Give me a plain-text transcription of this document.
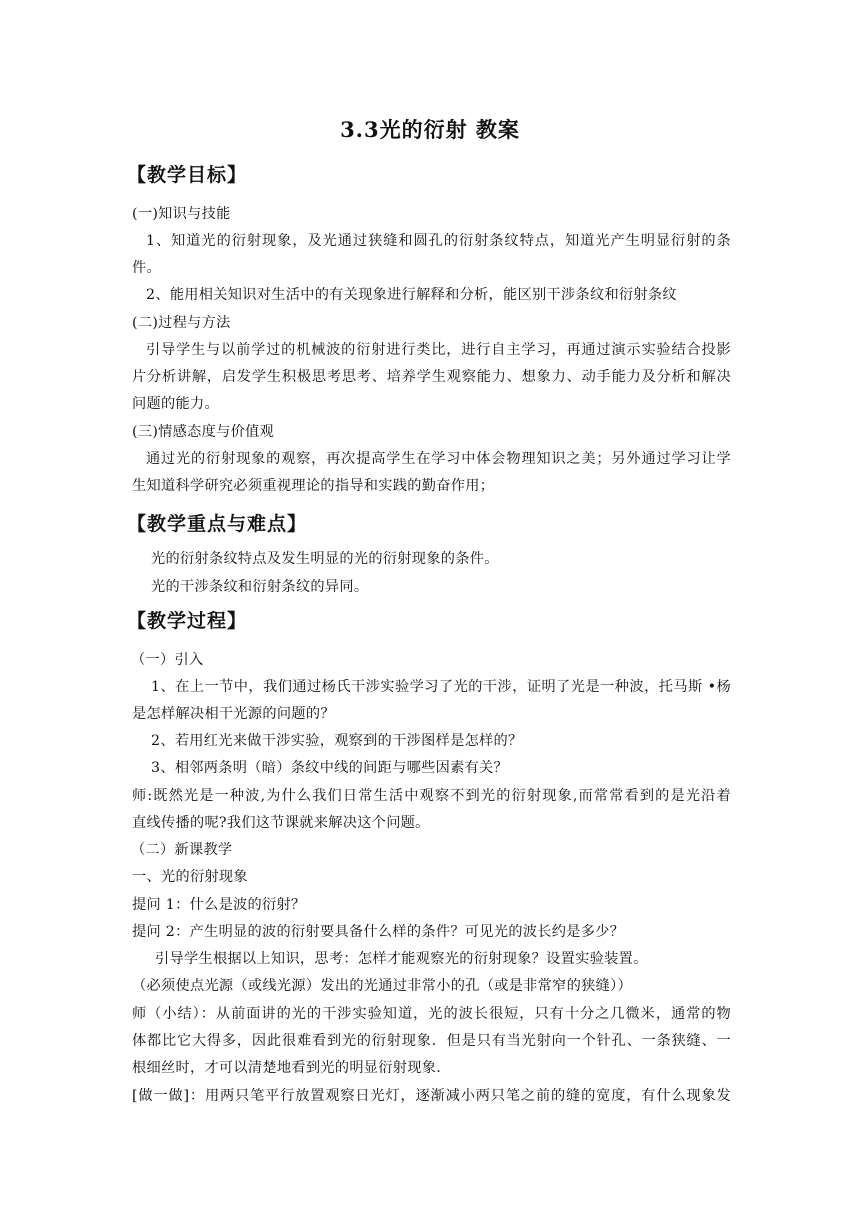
3.3光的衍射 教案
【教学目标】
(一)知识与技能
1、知道光的衍射现象，及光通过狭缝和圆孔的衍射条纹特点，知道光产生明显衍射的条
件。
2、能用相关知识对生活中的有关现象进行解释和分析，能区别干涉条纹和衍射条纹
(二)过程与方法
引导学生与以前学过的机械波的衍射进行类比，进行自主学习，再通过演示实验结合投影
片分析讲解，启发学生积极思考思考、培养学生观察能力、想象力、动手能力及分析和解决
问题的能力。
(三)情感态度与价值观
通过光的衍射现象的观察，再次提高学生在学习中体会物理知识之美；另外通过学习让学
生知道科学研究必须重视理论的指导和实践的勤奋作用；
【教学重点与难点】
光的衍射条纹特点及发生明显的光的衍射现象的条件。
光的干涉条纹和衍射条纹的异同。
【教学过程】
（一）引入
1、在上一节中，我们通过杨氏干涉实验学习了光的干涉，证明了光是一种波，托马斯 •杨
是怎样解决相干光源的问题的？
2、若用红光来做干涉实验，观察到的干涉图样是怎样的？
3、相邻两条明（暗）条纹中线的间距与哪些因素有关？
师:既然光是一种波,为什么我们日常生活中观察不到光的衍射现象,而常常看到的是光沿着
直线传播的呢?我们这节课就来解决这个问题。
（二）新课教学
一、光的衍射现象
提问 1：什么是波的衍射？
提问 2：产生明显的波的衍射要具备什么样的条件？可见光的波长约是多少？
引导学生根据以上知识，思考：怎样才能观察光的衍射现象？设置实验装置。
（必须使点光源（或线光源）发出的光通过非常小的孔（或是非常窄的狭缝））
师（小结）：从前面讲的光的干涉实验知道，光的波长很短，只有十分之几微米，通常的物
体都比它大得多，因此很难看到光的衍射现象．但是只有当光射向一个针孔、一条狭缝、一
根细丝时，才可以清楚地看到光的明显衍射现象.
[做一做]：用两只笔平行放置观察日光灯，逐渐减小两只笔之前的缝的宽度，有什么现象发
